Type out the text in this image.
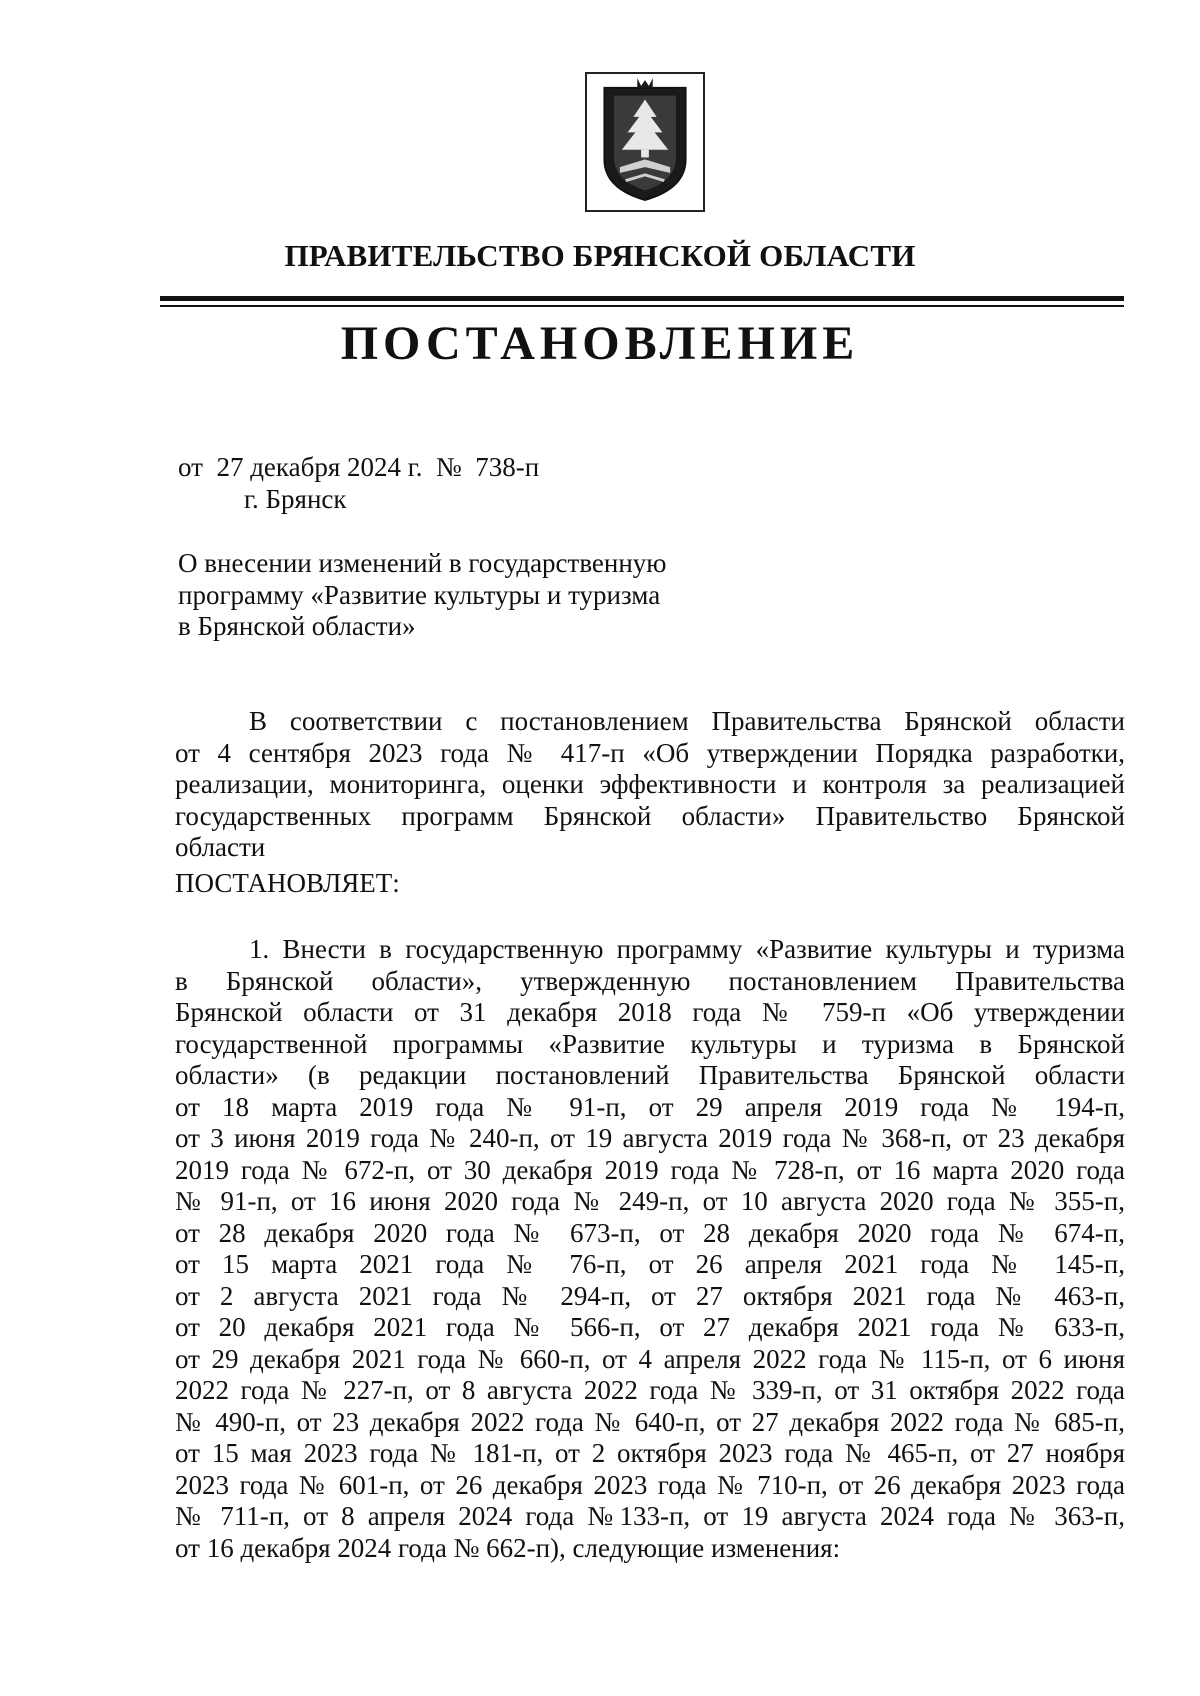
ПРАВИТЕЛЬСТВО БРЯНСКОЙ ОБЛАСТИ
ПОСТАНОВЛЕНИЕ
от  27 декабря 2024 г.  №  738-п
г. Брянск
О внесении изменений в государственную
программу «Развитие культуры и туризма
в Брянской области»
В соответствии с постановлением Правительства Брянской области
от 4 сентября 2023 года № 417-п «Об утверждении Порядка разработки,
реализации, мониторинга, оценки эффективности и контроля за реализацией
государственных программ Брянской области» Правительство Брянской
области
ПОСТАНОВЛЯЕТ:
1. Внести в государственную программу «Развитие культуры и туризма
в Брянской области», утвержденную постановлением Правительства
Брянской области от 31 декабря 2018 года № 759-п «Об утверждении
государственной программы «Развитие культуры и туризма в Брянской
области» (в редакции постановлений Правительства Брянской области
от 18 марта 2019 года № 91-п, от 29 апреля 2019 года № 194-п,
от 3 июня 2019 года № 240-п, от 19 августа 2019 года № 368-п, от 23 декабря
2019 года № 672-п, от 30 декабря 2019 года № 728-п, от 16 марта 2020 года
№ 91-п, от 16 июня 2020 года № 249-п, от 10 августа 2020 года № 355-п,
от 28 декабря 2020 года № 673-п, от 28 декабря 2020 года № 674-п,
от 15 марта 2021 года № 76-п, от 26 апреля 2021 года № 145-п,
от 2 августа 2021 года № 294-п, от 27 октября 2021 года № 463-п,
от 20 декабря 2021 года № 566-п, от 27 декабря 2021 года № 633-п,
от 29 декабря 2021 года № 660-п, от 4 апреля 2022 года № 115-п, от 6 июня
2022 года № 227-п, от 8 августа 2022 года № 339-п, от 31 октября 2022 года
№ 490-п, от 23 декабря 2022 года № 640-п, от 27 декабря 2022 года № 685-п,
от 15 мая 2023 года № 181-п, от 2 октября 2023 года № 465-п, от 27 ноября
2023 года № 601-п, от 26 декабря 2023 года № 710-п, от 26 декабря 2023 года
№ 711-п, от 8 апреля 2024 года №133-п, от 19 августа 2024 года № 363-п,
от 16 декабря 2024 года № 662-п), следующие изменения:
